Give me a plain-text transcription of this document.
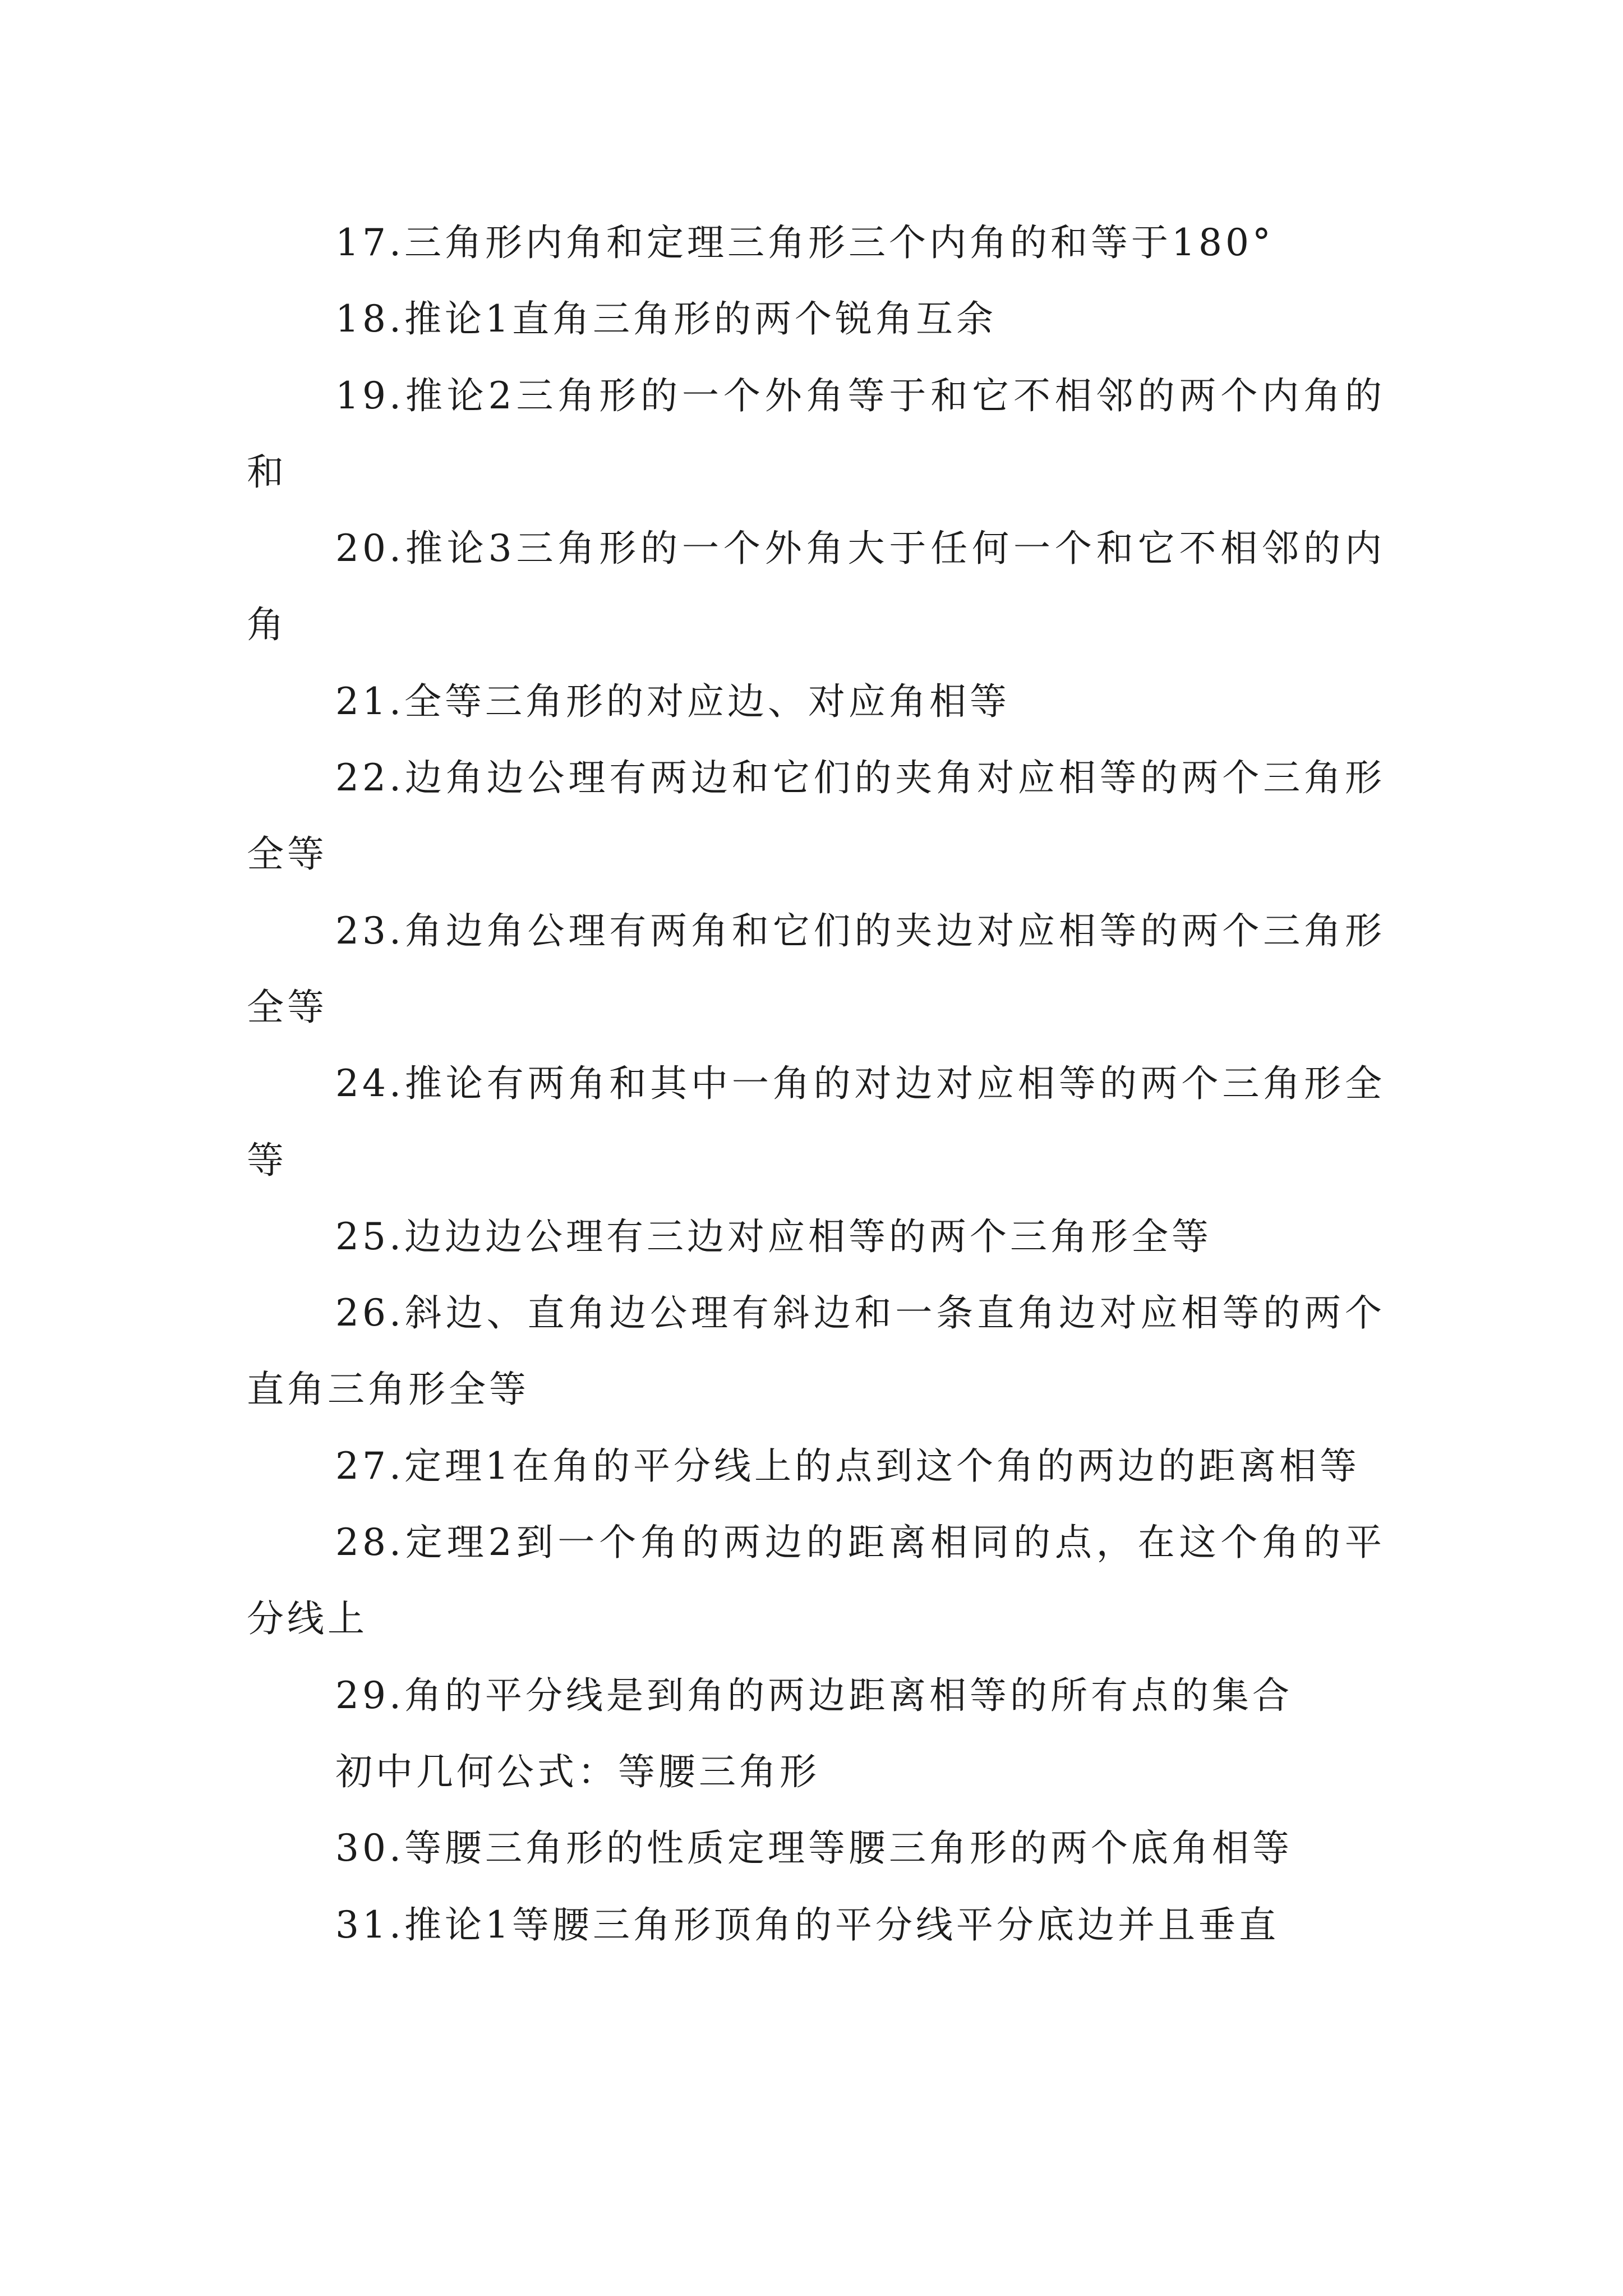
17.三角形内角和定理三角形三个内角的和等于180°

18.推论1直角三角形的两个锐角互余

19.推论2三角形的一个外角等于和它不相邻的两个内角的和

20.推论3三角形的一个外角大于任何一个和它不相邻的内角

21.全等三角形的对应边、对应角相等

22.边角边公理有两边和它们的夹角对应相等的两个三角形全等

23.角边角公理有两角和它们的夹边对应相等的两个三角形全等

24.推论有两角和其中一角的对边对应相等的两个三角形全等

25.边边边公理有三边对应相等的两个三角形全等

26.斜边、直角边公理有斜边和一条直角边对应相等的两个直角三角形全等

27.定理1在角的平分线上的点到这个角的两边的距离相等

28.定理2到一个角的两边的距离相同的点，在这个角的平分线上

29.角的平分线是到角的两边距离相等的所有点的集合

初中几何公式：等腰三角形

30.等腰三角形的性质定理等腰三角形的两个底角相等

31.推论1等腰三角形顶角的平分线平分底边并且垂直
